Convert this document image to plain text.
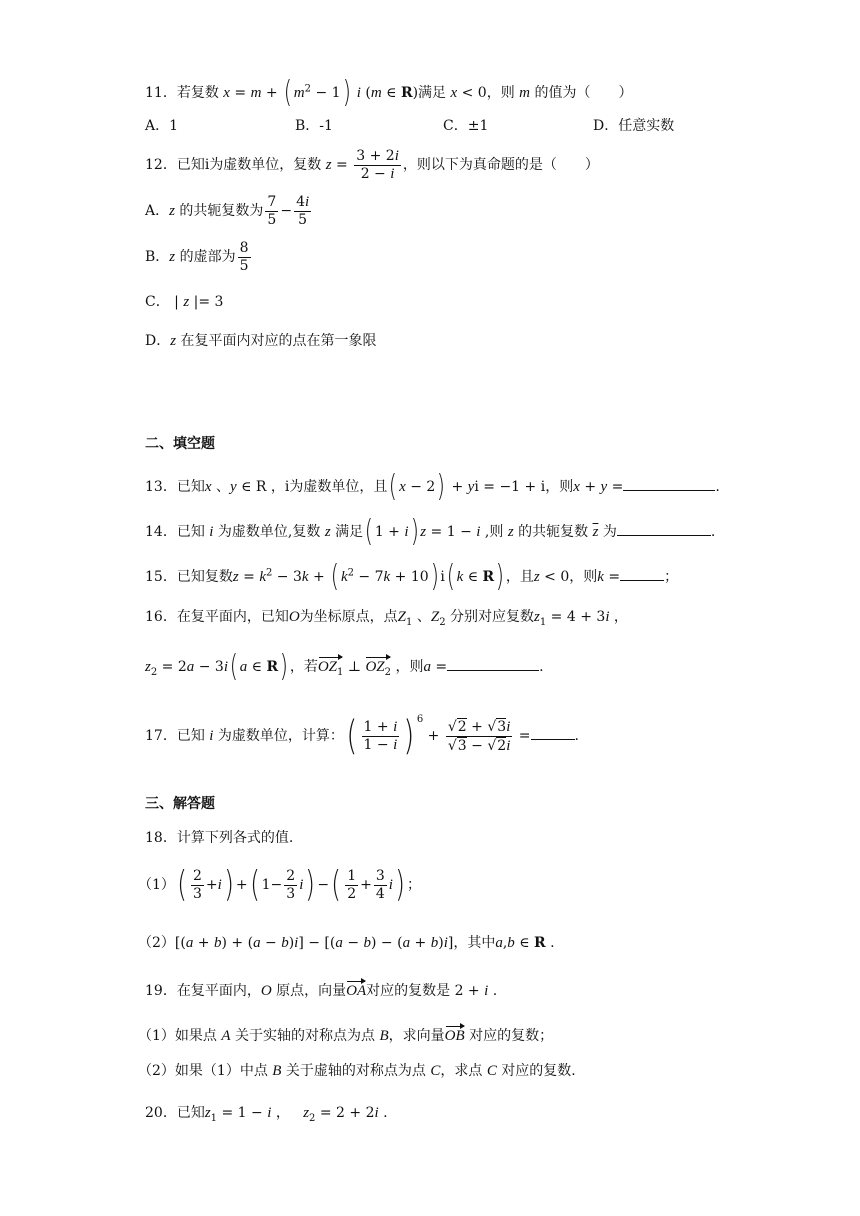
11．若复数 x = m + ( $m^2 - 1$) i (m ∈ R)满足 x < 0，则 m 的值为（　　）
A．1	B．-1	C．±1	D．任意实数
12．已知i为虚数单位，复数 $z = \frac{3 + 2i}{2 - i}$ ，则以下为真命题的是（　　）
A．z 的共轭复数为 $\frac{7}{5} - \frac{4i}{5}$
B．z 的虚部为 $\frac{8}{5}$
C． | z |= 3
D．z 在复平面内对应的点在第一象限
二、填空题
13．已知x 、y ∈ R ，i为虚数单位，且( x − 2) + yi = −1 + i，则x + y =	.
14．已知 i 为虚数单位,复数 z 满足( 1 + i) z = 1 − i ,则 z 的共轭复数 $\overline{z}$ 为	.
15．已知复数$z = k^2 - 3k$ + ( $k^2 - 7k + 10$) i( k ∈ R) ，且z < 0，则k =	；
16．在复平面内，已知O为坐标原点，点$Z_1$ 、$Z_2$ 分别对应复数$z_1 = 4 + 3i$ ，
$z_2 = 2a - 3i$( a ∈ R) ，若$OZ_1$ ⊥ $OZ_2$ ，则a =	.
17．已知 i 为虚数单位，计算：( $\frac{1 + i}{1 - i}$ ) $^6 + \frac{√2 + √3i}{√3 - √2i}$ =	.
三、解答题
18．计算下列各式的值.
$(1)( \frac{2}{3} +i)$ +( $1- \frac{2}{3} i$) −( $\frac{1}{2} + \frac{3}{4} i$) ；
（2）[(a + b) + (a − b)i] − [(a − b) − (a + b)i]，其中a,b ∈ R .
19．在复平面内，O 原点，向量OA对应的复数是 2 + i .
（1）如果点 A 关于实轴的对称点为点 B，求向量OB 对应的复数；
（2）如果（1）中点 B 关于虚轴的对称点为点 C，求点 C 对应的复数.
20．已知$z_1 = 1 - i$ ，   $z_2 = 2 + 2i$ .
